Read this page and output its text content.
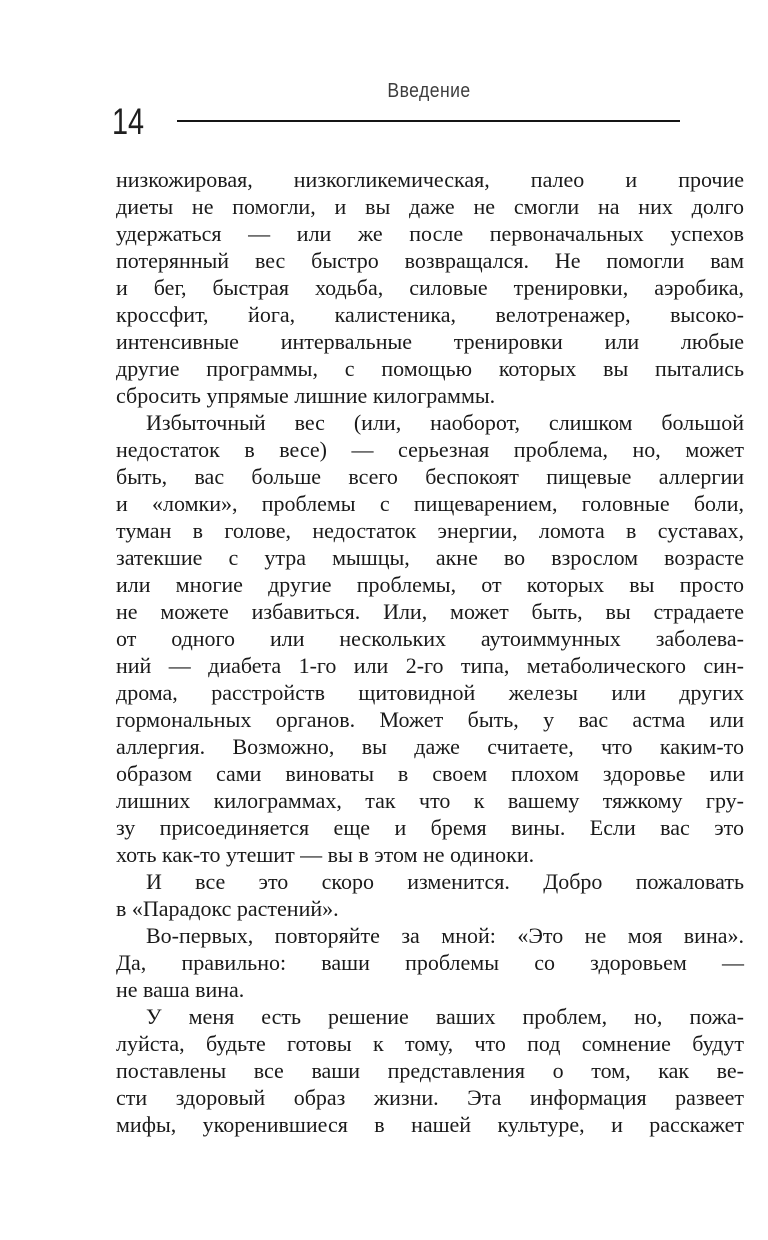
Введение
14

низкожировая, низкогликемическая, палео и прочие
диеты не помогли, и вы даже не смогли на них долго
удержаться — или же после первоначальных успехов
потерянный вес быстро возвращался. Не помогли вам
и бег, быстрая ходьба, силовые тренировки, аэробика,
кроссфит, йога, калистеника, велотренажер, высоко-
интенсивные интервальные тренировки или любые
другие программы, с помощью которых вы пытались
сбросить упрямые лишние килограммы.

Избыточный вес (или, наоборот, слишком большой
недостаток в весе) — серьезная проблема, но, может
быть, вас больше всего беспокоят пищевые аллергии
и «ломки», проблемы с пищеварением, головные боли,
туман в голове, недостаток энергии, ломота в суставах,
затекшие с утра мышцы, акне во взрослом возрасте
или многие другие проблемы, от которых вы просто
не можете избавиться. Или, может быть, вы страдаете
от одного или нескольких аутоиммунных заболева-
ний — диабета 1-го или 2-го типа, метаболического син-
дрома, расстройств щитовидной железы или других
гормональных органов. Может быть, у вас астма или
аллергия. Возможно, вы даже считаете, что каким-то
образом сами виноваты в своем плохом здоровье или
лишних килограммах, так что к вашему тяжкому гру-
зу присоединяется еще и бремя вины. Если вас это
хоть как-то утешит — вы в этом не одиноки.

И все это скоро изменится. Добро пожаловать
в «Парадокс растений».

Во-первых, повторяйте за мной: «Это не моя вина».
Да, правильно: ваши проблемы со здоровьем —
не ваша вина.

У меня есть решение ваших проблем, но, пожа-
луйста, будьте готовы к тому, что под сомнение будут
поставлены все ваши представления о том, как ве-
сти здоровый образ жизни. Эта информация развеет
мифы, укоренившиеся в нашей культуре, и расскажет
